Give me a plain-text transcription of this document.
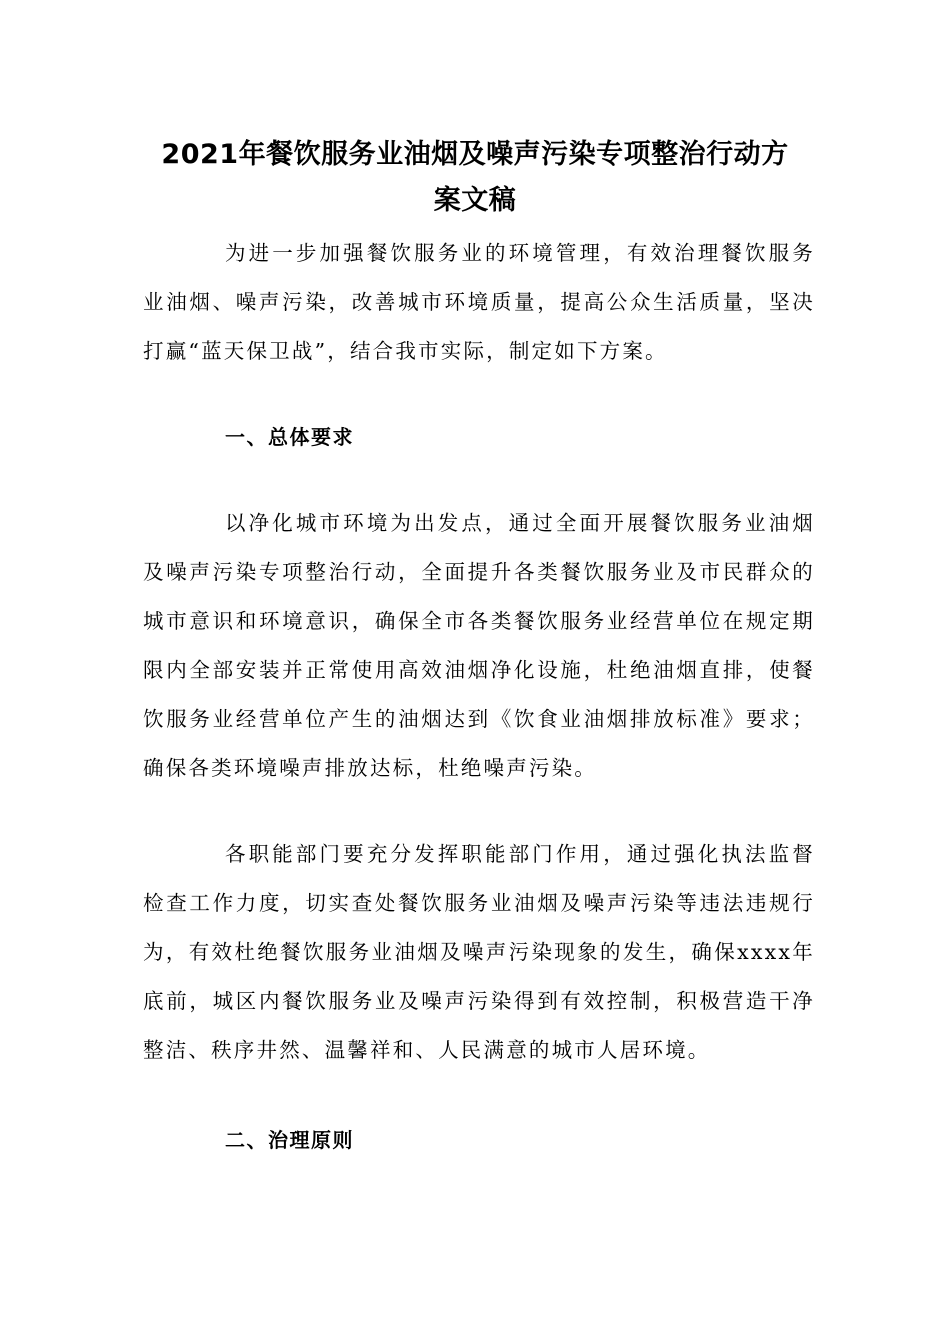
2021年餐饮服务业油烟及噪声污染专项整治行动方
案文稿

为进一步加强餐饮服务业的环境管理，有效治理餐饮服务业油烟、噪声污染，改善城市环境质量，提高公众生活质量，坚决打赢“蓝天保卫战”，结合我市实际，制定如下方案。

一、总体要求

以净化城市环境为出发点，通过全面开展餐饮服务业油烟及噪声污染专项整治行动，全面提升各类餐饮服务业及市民群众的城市意识和环境意识，确保全市各类餐饮服务业经营单位在规定期限内全部安装并正常使用高效油烟净化设施，杜绝油烟直排，使餐饮服务业经营单位产生的油烟达到《饮食业油烟排放标准》要求；确保各类环境噪声排放达标，杜绝噪声污染。

各职能部门要充分发挥职能部门作用，通过强化执法监督检查工作力度，切实查处餐饮服务业油烟及噪声污染等违法违规行为，有效杜绝餐饮服务业油烟及噪声污染现象的发生，确保xxxx年底前，城区内餐饮服务业及噪声污染得到有效控制，积极营造干净整洁、秩序井然、温馨祥和、人民满意的城市人居环境。

二、治理原则
